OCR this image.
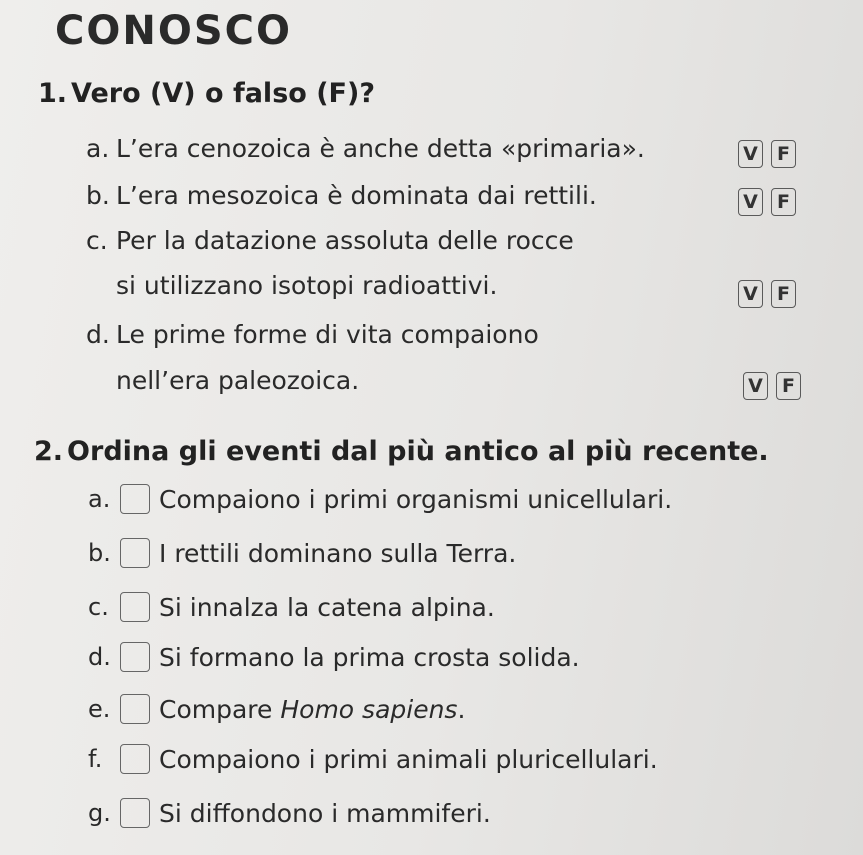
CONOSCO
1. Vero (V) o falso (F)?
a. L’era cenozoica è anche detta «primaria».	V	F
b. L’era mesozoica è dominata dai rettili.	V	F
c. Per la datazione assoluta delle rocce
si utilizzano isotopi radioattivi.	V	F
d. Le prime forme di vita compaiono
nell’era paleozoica.	V	F
2. Ordina gli eventi dal più antico al più recente.
a.	Compaiono i primi organismi unicellulari.
b.	I rettili dominano sulla Terra.
c.	Si innalza la catena alpina.
d.	Si formano la prima crosta solida.
e.	Compare Homo sapiens.
f.	Compaiono i primi animali pluricellulari.
g.	Si diffondono i mammiferi.
